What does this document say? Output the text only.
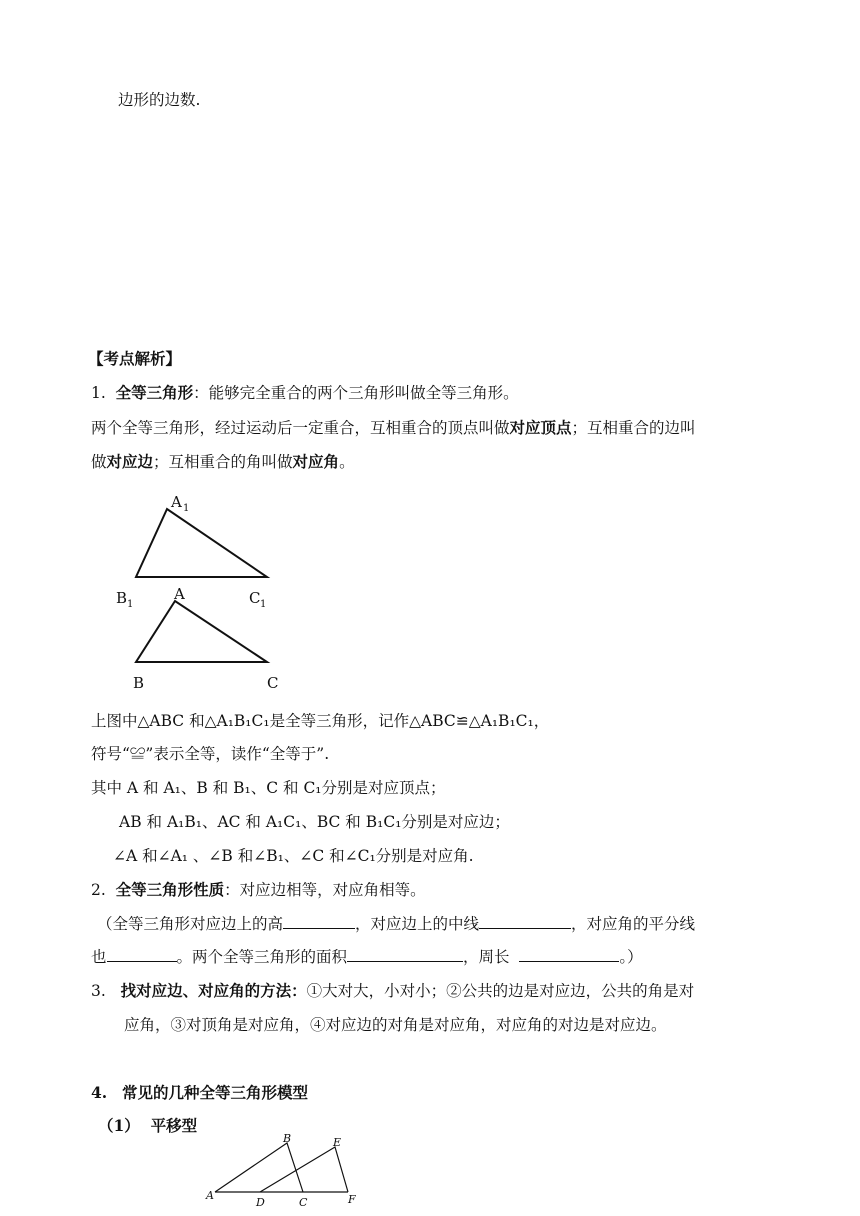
边形的边数.
【考点解析】
1. 全等三角形：能够完全重合的两个三角形叫做全等三角形。
两个全等三角形，经过运动后一定重合，互相重合的顶点叫做对应顶点；互相重合的边叫
做对应边；互相重合的角叫做对应角。
A 1
B 1	C 1
A
B	C
上图中△ABC 和△A₁B₁C₁是全等三角形，记作△ABC≌△A₁B₁C₁，
符号“≌”表示全等，读作“全等于”.
其中 A 和 A₁、B 和 B₁、C 和 C₁分别是对应顶点；
AB 和 A₁B₁、AC 和 A₁C₁、BC 和 B₁C₁分别是对应边；
∠A 和∠A₁ 、∠B 和∠B₁、∠C 和∠C₁分别是对应角.
2. 全等三角形性质：对应边相等，对应角相等。
（全等三角形对应边上的高	，对应边上的中线	，对应角的平分线
也	。两个全等三角形的面积	，周长	。）
3. 找对应边、对应角的方法：①大对大，小对小；②公共的边是对应边，公共的角是对
应角，③对顶角是对应角，④对应边的对角是对应角，对应角的对边是对应边。
4. 常见的几种全等三角形模型
（1） 平移型
A
B
C
D
E
F
